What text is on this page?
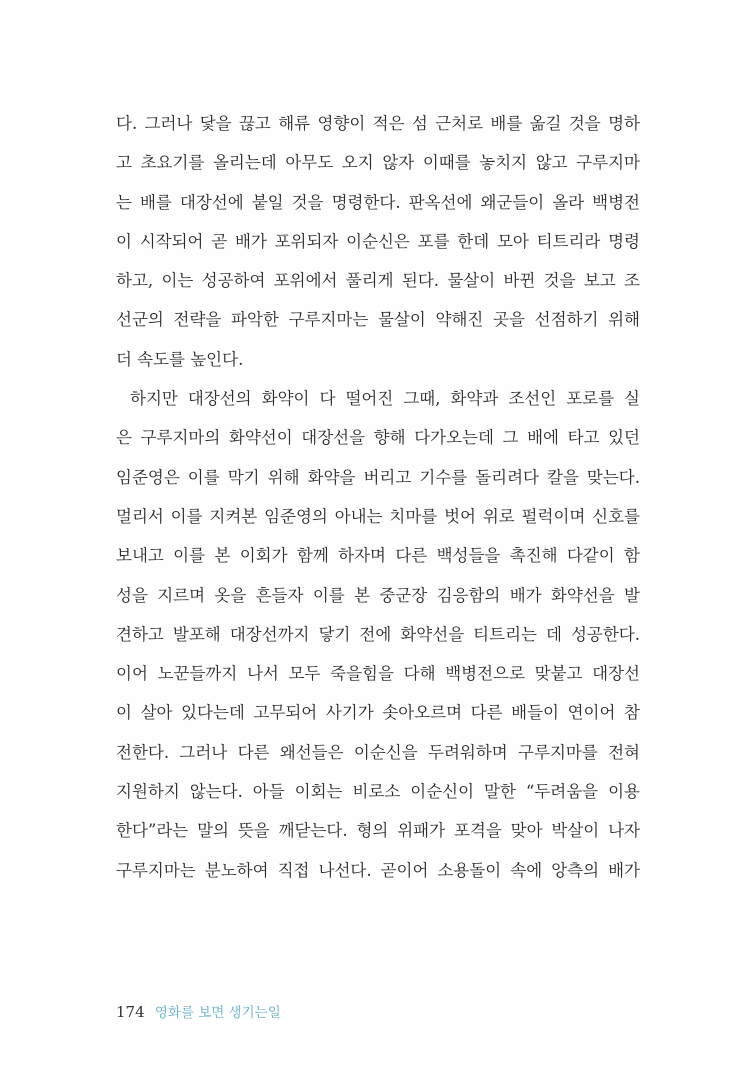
다. 그러나 닻을 끊고 해류 영향이 적은 섬 근처로 배를 옮길 것을 명하
고 초요기를 올리는데 아무도 오지 않자 이때를 놓치지 않고 구루지마
는 배를 대장선에 붙일 것을 명령한다. 판옥선에 왜군들이 올라 백병전
이 시작되어 곧 배가 포위되자 이순신은 포를 한데 모아 티트리라 명령
하고, 이는 성공하여 포위에서 풀리게 된다. 물살이 바뀐 것을 보고 조
선군의 전략을 파악한 구루지마는 물살이 약해진 곳을 선점하기 위해
더 속도를 높인다.
하지만 대장선의 화약이 다 떨어진 그때, 화약과 조선인 포로를 실
은 구루지마의 화약선이 대장선을 향해 다가오는데 그 배에 타고 있던
임준영은 이를 막기 위해 화약을 버리고 기수를 돌리려다 칼을 맞는다.
멀리서 이를 지켜본 임준영의 아내는 치마를 벗어 위로 펄럭이며 신호를
보내고 이를 본 이회가 함께 하자며 다른 백성들을 촉진해 다같이 함
성을 지르며 옷을 흔들자 이를 본 중군장 김응함의 배가 화약선을 발
견하고 발포해 대장선까지 닿기 전에 화약선을 티트리는 데 성공한다.
이어 노꾼들까지 나서 모두 죽을힘을 다해 백병전으로 맞붙고 대장선
이 살아 있다는데 고무되어 사기가 솟아오르며 다른 배들이 연이어 참
전한다. 그러나 다른 왜선들은 이순신을 두려워하며 구루지마를 전혀
지원하지 않는다. 아들 이회는 비로소 이순신이 말한 “두려움을 이용
한다”라는 말의 뜻을 깨닫는다. 형의 위패가 포격을 맞아 박살이 나자
구루지마는 분노하여 직접 나선다. 곧이어 소용돌이 속에 앙측의 배가
174 영화를 보면 생기는일
